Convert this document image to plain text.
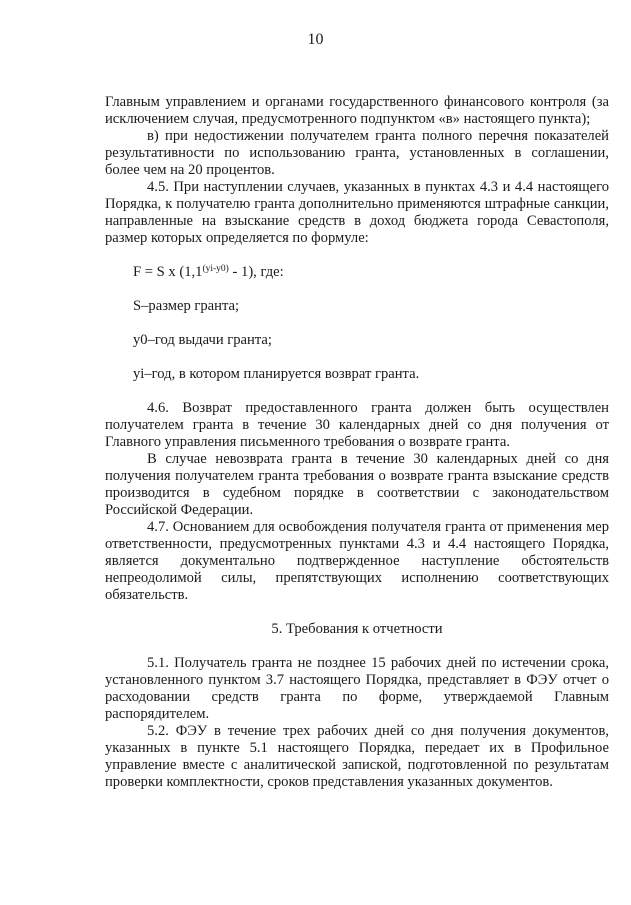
10

Главным управлением и органами государственного финансового контроля (за исключением случая, предусмотренного подпунктом «в» настоящего пункта);

в) при недостижении получателем гранта полного перечня показателей результативности по использованию гранта, установленных в соглашении, более чем на 20 процентов.

4.5. При наступлении случаев, указанных в пунктах 4.3 и 4.4 настоящего Порядка, к получателю гранта дополнительно применяются штрафные санкции, направленные на взыскание средств в доход бюджета города Севастополя, размер которых определяется по формуле:

F = S x $(1,1^{(yi-y0)} - 1)$, где:

S–размер гранта;

y0–год выдачи гранта;

yi–год, в котором планируется возврат гранта.

4.6. Возврат предоставленного гранта должен быть осуществлен получателем гранта в течение 30 календарных дней со дня получения от Главного управления письменного требования о возврате гранта.

В случае невозврата гранта в течение 30 календарных дней со дня получения получателем гранта требования о возврате гранта взыскание средств производится в судебном порядке в соответствии с законодательством Российской Федерации.

4.7. Основанием для освобождения получателя гранта от применения мер ответственности, предусмотренных пунктами 4.3 и 4.4 настоящего Порядка, является документально подтвержденное наступление обстоятельств непреодолимой силы, препятствующих исполнению соответствующих обязательств.

5. Требования к отчетности

5.1. Получатель гранта не позднее 15 рабочих дней по истечении срока, установленного пунктом 3.7 настоящего Порядка, представляет в ФЭУ отчет о расходовании средств гранта по форме, утверждаемой Главным распорядителем.

5.2. ФЭУ в течение трех рабочих дней со дня получения документов, указанных в пункте 5.1 настоящего Порядка, передает их в Профильное управление вместе с аналитической запиской, подготовленной по результатам проверки комплектности, сроков представления указанных документов.
